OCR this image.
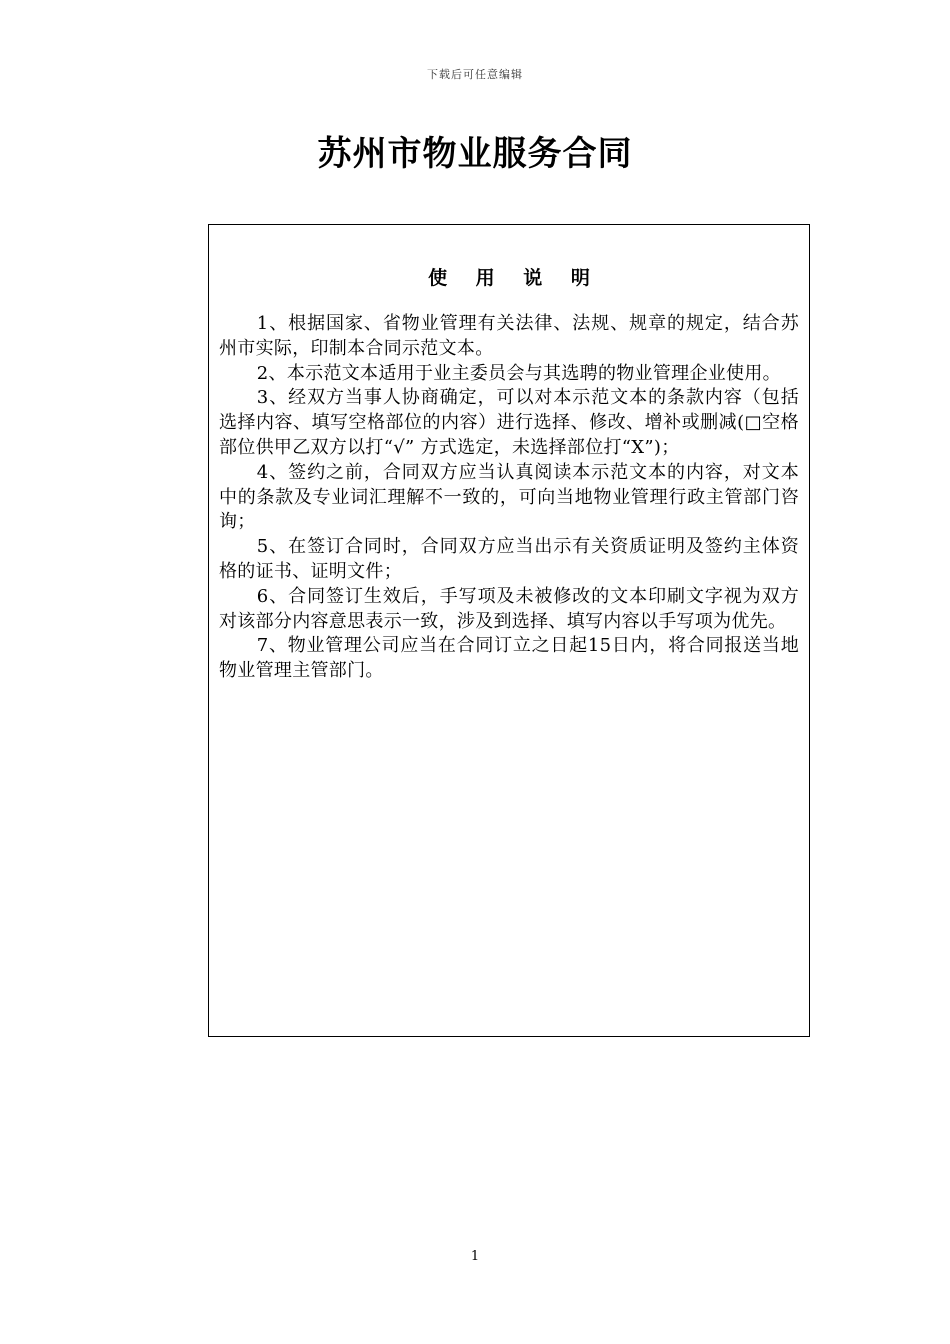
下载后可任意编辑
苏州市物业服务合同
使 用 说 明

1、根据国家、省物业管理有关法律、法规、规章的规定，结合苏州市实际，印制本合同示范文本。

2、本示范文本适用于业主委员会与其选聘的物业管理企业使用。

3、经双方当事人协商确定，可以对本示范文本的条款内容（包括选择内容、填写空格部位的内容）进行选择、修改、增补或删减(□空格部位供甲乙双方以打“√” 方式选定，未选择部位打“X”)；

4、签约之前，合同双方应当认真阅读本示范文本的内容，对文本中的条款及专业词汇理解不一致的，可向当地物业管理行政主管部门咨询；

5、在签订合同时，合同双方应当出示有关资质证明及签约主体资格的证书、证明文件；

6、合同签订生效后，手写项及未被修改的文本印刷文字视为双方对该部分内容意思表示一致，涉及到选择、填写内容以手写项为优先。

7、物业管理公司应当在合同订立之日起15日内，将合同报送当地物业管理主管部门。

1
